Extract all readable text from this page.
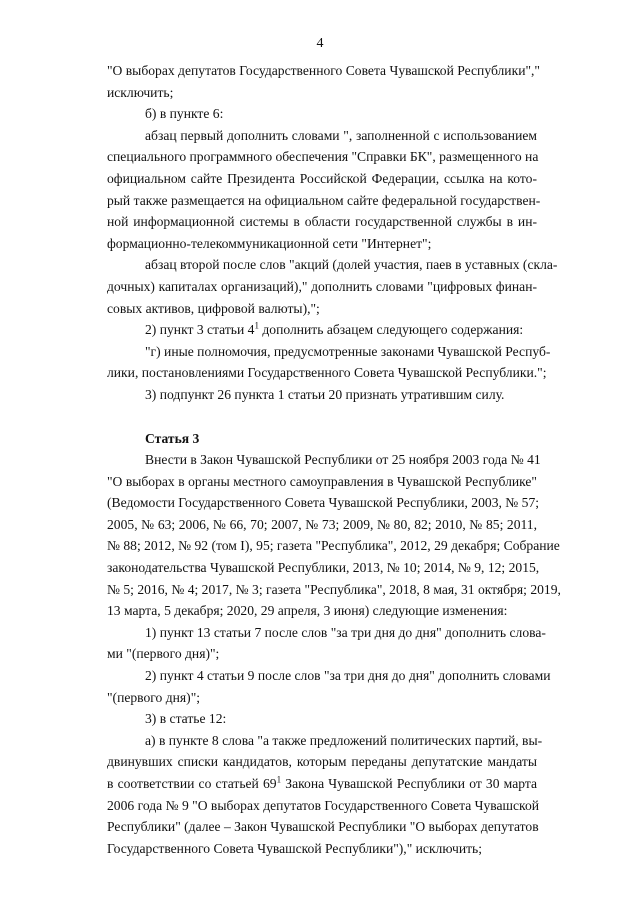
4
"О выборах депутатов Государственного Совета Чувашской Республики","
исключить;
б) в пункте 6:
абзац первый дополнить словами ", заполненной с использованием
специального программного обеспечения "Справки БК", размещенного на
официальном сайте Президента Российской Федерации, ссылка на кото-
рый также размещается на официальном сайте федеральной государствен-
ной информационной системы в области государственной службы в ин-
формационно-телекоммуникационной сети "Интернет";
абзац второй после слов "акций (долей участия, паев в уставных (скла-
дочных) капиталах организаций)," дополнить словами "цифровых финан-
совых активов, цифровой валюты),";
2) пункт 3 статьи $4^1$ дополнить абзацем следующего содержания:
"г) иные полномочия, предусмотренные законами Чувашской Респуб-
лики, постановлениями Государственного Совета Чувашской Республики.";
3) подпункт 26 пункта 1 статьи 20 признать утратившим силу.
Статья 3
Внести в Закон Чувашской Республики от 25 ноября 2003 года № 41
"О выборах в органы местного самоуправления в Чувашской Республике"
(Ведомости Государственного Совета Чувашской Республики, 2003, № 57;
2005, № 63; 2006, № 66, 70; 2007, № 73; 2009, № 80, 82; 2010, № 85; 2011,
№ 88; 2012, № 92 (том I), 95; газета "Республика", 2012, 29 декабря; Собрание
законодательства Чувашской Республики, 2013, № 10; 2014, № 9, 12; 2015,
№ 5; 2016, № 4; 2017, № 3; газета "Республика", 2018, 8 мая, 31 октября; 2019,
13 марта, 5 декабря; 2020, 29 апреля, 3 июня) следующие изменения:
1) пункт 13 статьи 7 после слов "за три дня до дня" дополнить слова-
ми "(первого дня)";
2) пункт 4 статьи 9 после слов "за три дня до дня" дополнить словами
"(первого дня)";
3) в статье 12:
а) в пункте 8 слова "а также предложений политических партий, вы-
двинувших списки кандидатов, которым переданы депутатские мандаты
в соответствии со статьей $69^1$ Закона Чувашской Республики от 30 марта
2006 года № 9 "О выборах депутатов Государственного Совета Чувашской
Республики" (далее – Закон Чувашской Республики "О выборах депутатов
Государственного Совета Чувашской Республики")," исключить;
